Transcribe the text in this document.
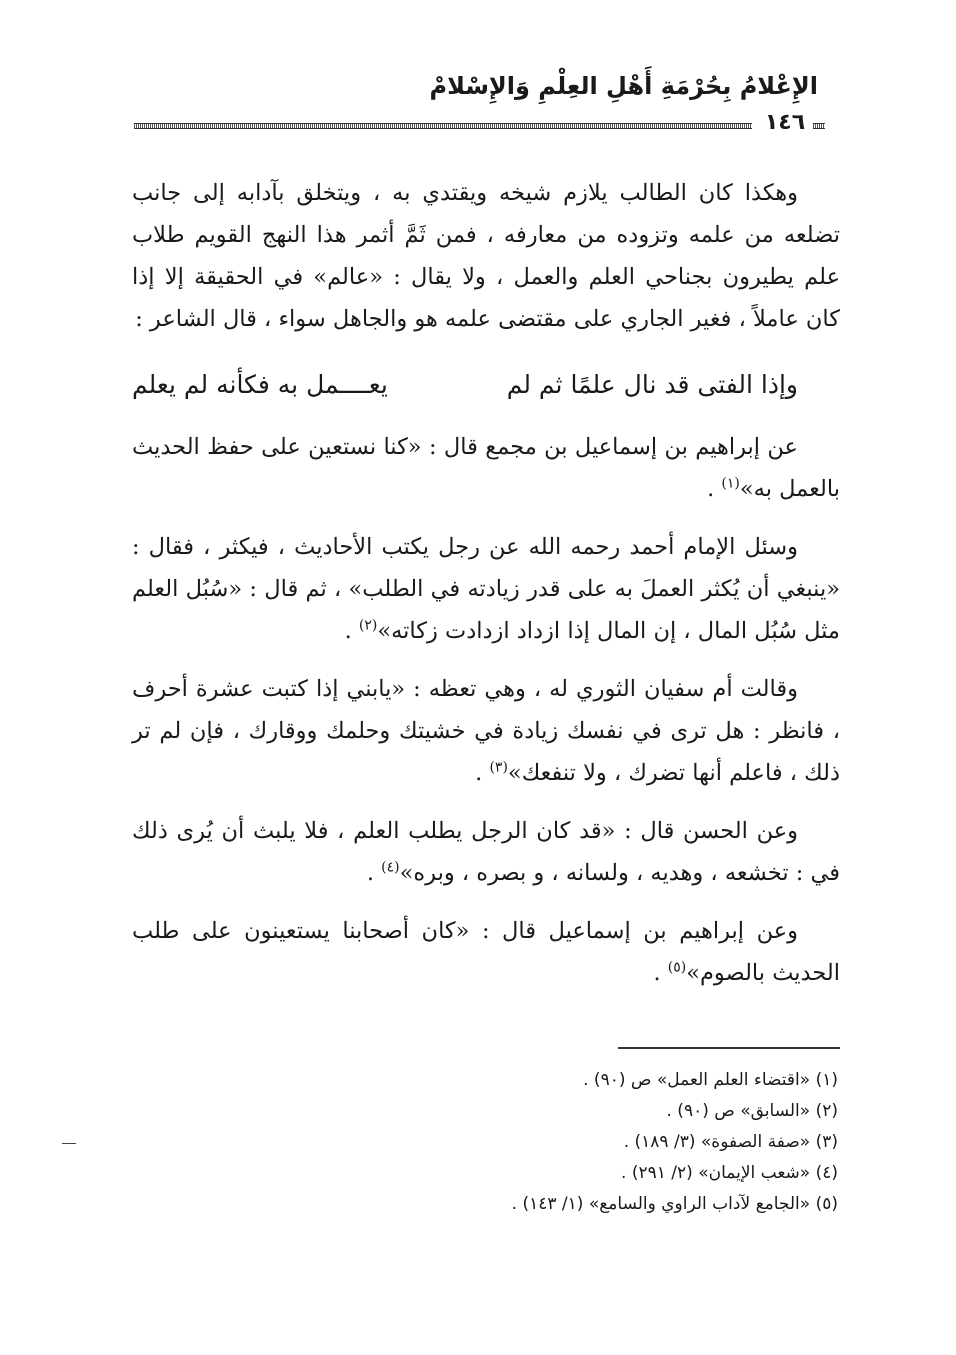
الإِعْلامُ بِحُرْمَةِ أَهْلِ العِلْمِ وَالإِسْلامْ
١٤٦

وهكذا كان الطالب يلازم شيخه ويقتدي به ، ويتخلق بآدابه إلى جانب تضلعه من علمه وتزوده من معارفه ، فمن ثَمَّ أثمر هذا النهج القويم طلاب علم يطيرون بجناحي العلم والعمل ، ولا يقال : «عالم» في الحقيقة إلا إذا كان عاملاً ، فغير الجاري على مقتضى علمه هو والجاهل سواء ، قال الشاعر :

وإذا الفتى قد نال علمًا ثم لم
يعــــمل به فكأنه لم يعلم

عن إبراهيم بن إسماعيل بن مجمع قال : «كنا نستعين على حفظ الحديث بالعمل به»$^{(١)}$ .

وسئل الإمام أحمد رحمه الله عن رجل يكتب الأحاديث ، فيكثر ، فقال : «ينبغي أن يُكثر العملَ به على قدر زيادته في الطلب» ، ثم قال : «سُبُل العلم مثل سُبُل المال ، إن المال إذا ازداد ازدادت زكاته»$^{(٢)}$ .

وقالت أم سفيان الثوري له ، وهي تعظه : «يابني إذا كتبت عشرة أحرف ، فانظر : هل ترى في نفسك زيادة في خشيتك وحلمك ووقارك ، فإن لم تر ذلك ، فاعلم أنها تضرك ، ولا تنفعك»$^{(٣)}$ .

وعن الحسن قال : «قد كان الرجل يطلب العلم ، فلا يلبث أن يُرى ذلك في : تخشعه ، وهديه ، ولسانه ، و بصره ، وبره»$^{(٤)}$ .

وعن إبراهيم بن إسماعيل قال : «كان أصحابنا يستعينون على طلب الحديث بالصوم»$^{(٥)}$ .

(١) «اقتضاء العلم العمل» ص (٩٠) .
(٢) «السابق» ص (٩٠) .
(٣) «صفة الصفوة» (٣/ ١٨٩) .
(٤) «شعب الإيمان» (٢/ ٢٩١) .
(٥) «الجامع لآداب الراوي والسامع» (١/ ١٤٣) .
